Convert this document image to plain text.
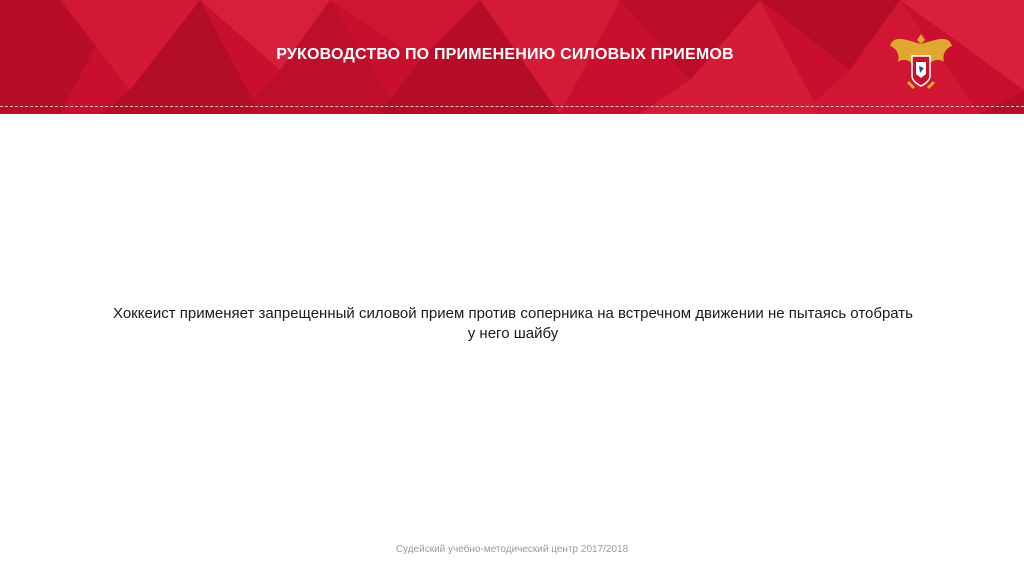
РУКОВОДСТВО ПО ПРИМЕНЕНИЮ СИЛОВЫХ ПРИЕМОВ
Хоккеист применяет запрещенный силовой прием против соперника на встречном движении не пытаясь отобрать
у него шайбу
Судейский учебно-методический центр 2017/2018
